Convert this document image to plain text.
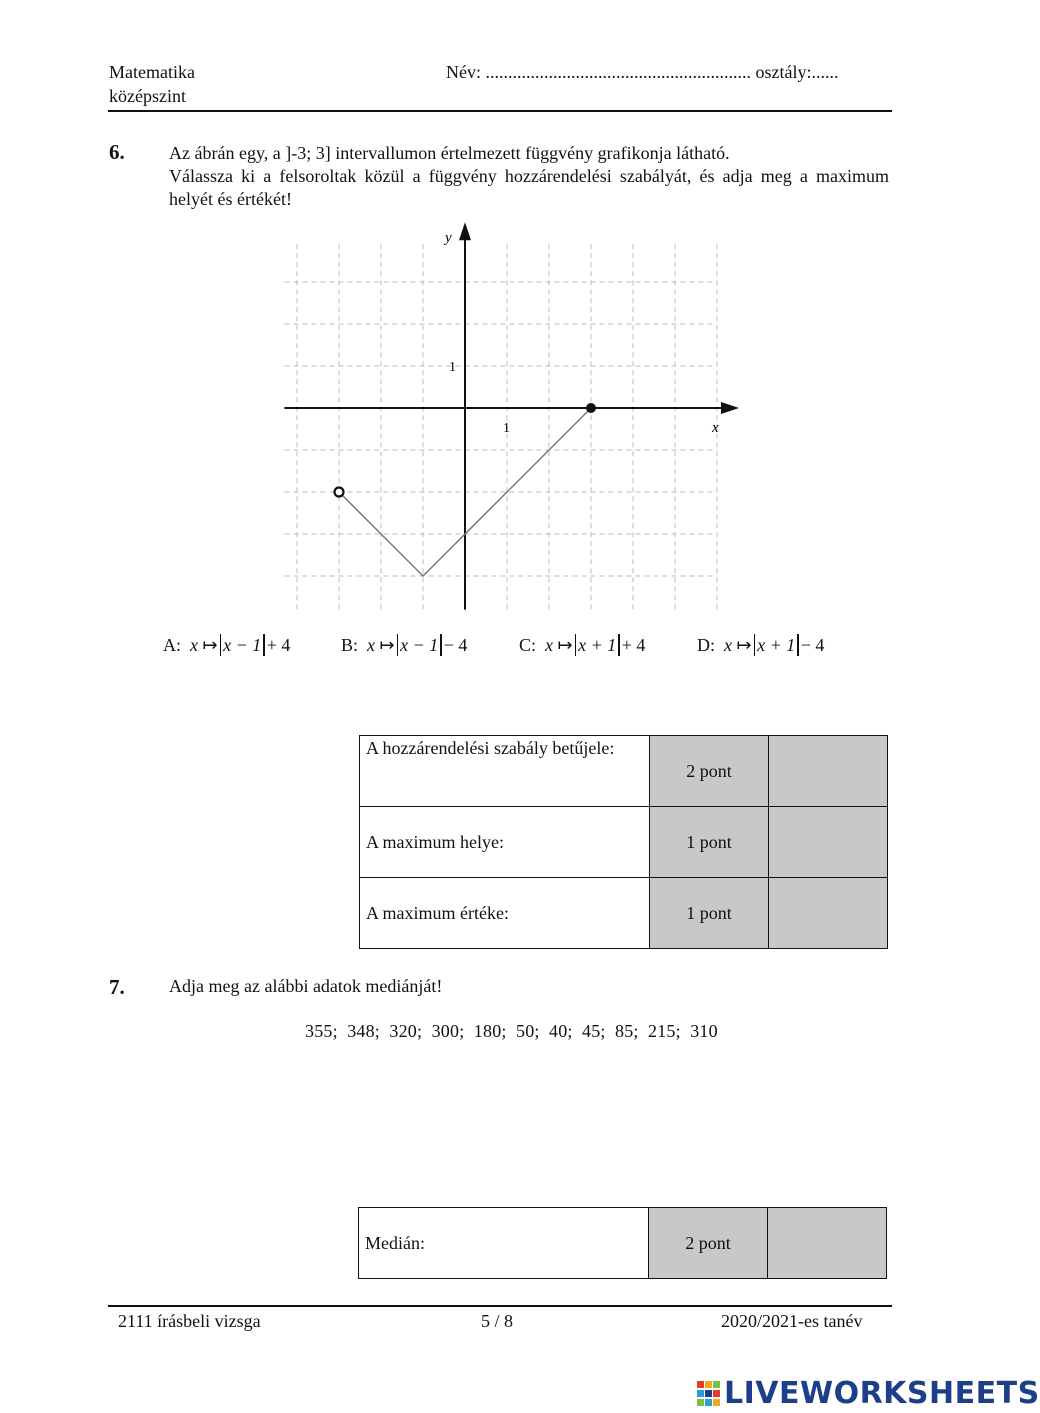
Matematika
középszint
Név: ........................................................... osztály:......
6. Az ábrán egy, a ]-3; 3] intervallumon értelmezett függvény grafikonja látható.
Válassza ki a felsoroltak közül a függvény hozzárendelési szabályát, és adja meg a maximum helyét és értékét!
y
x
1
1
A: x ↦ x − 1 + 4	B: x ↦ x − 1 − 4	C: x ↦ x + 1 + 4	D: x ↦ x + 1 − 4
A hozzárendelési szabály betűjele:	2 pont	
A maximum helye:	1 pont	
A maximum értéke:	1 pont	
7. Adja meg az alábbi adatok mediánját!
355;  348;  320;  300;  180;  50;  40;  45;  85;  215;  310
Medián:	2 pont	
2111 írásbeli vizsga	5 / 8	2020/2021-es tanév
LIVEWORKSHEETS
